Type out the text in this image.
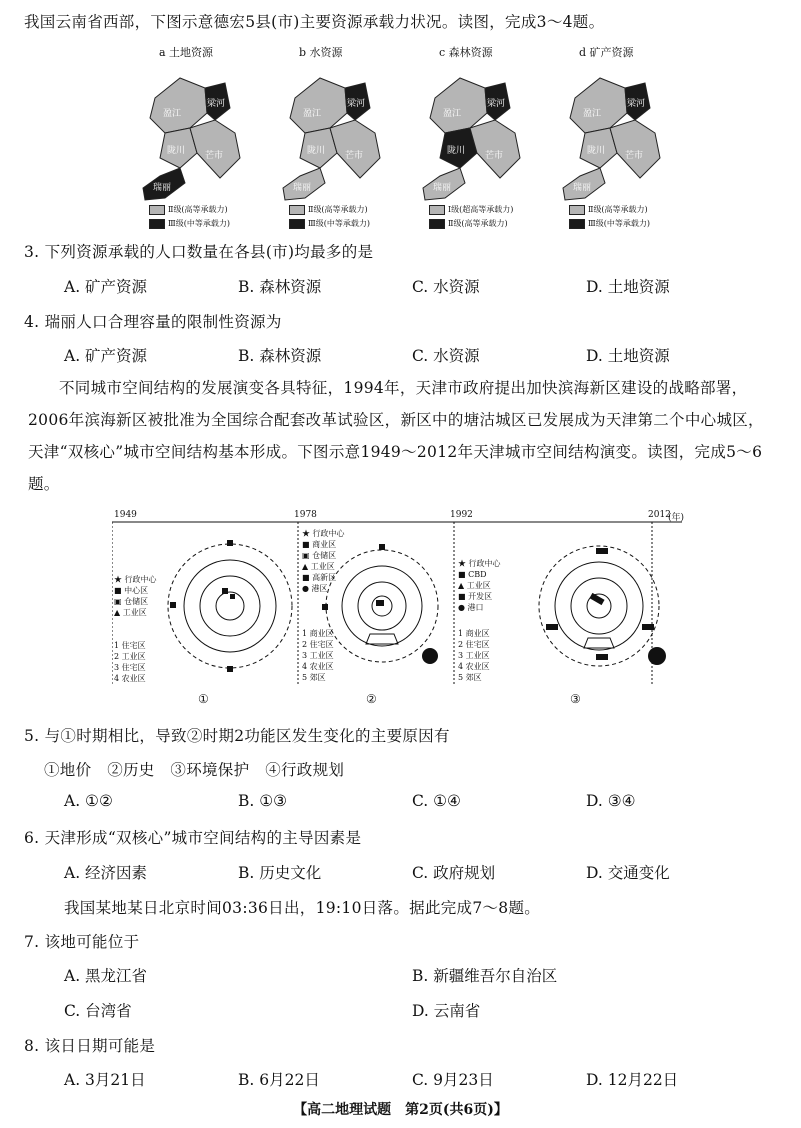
我国云南省西部，下图示意德宏5县(市)主要资源承载力状况。读图，完成3～4题。
a 土地资源
盈江
梁河
陇川 芒市
瑞丽
Ⅱ级(高等承载力)
Ⅲ级(中等承载力)
b 水资源
盈江
梁河
陇川 芒市
瑞丽
Ⅱ级(高等承载力)
Ⅲ级(中等承载力)
c 森林资源
盈江
梁河
陇川 芒市
瑞丽
Ⅰ级(超高等承载力)
Ⅱ级(高等承载力)
d 矿产资源
盈江
梁河
陇川 芒市
瑞丽
Ⅱ级(高等承载力)
Ⅲ级(中等承载力)
3. 下列资源承载的人口数量在各县(市)均最多的是
A. 矿产资源	B. 森林资源	C. 水资源	D. 土地资源
4. 瑞丽人口合理容量的限制性资源为
A. 矿产资源	B. 森林资源	C. 水资源	D. 土地资源
不同城市空间结构的发展演变各具特征，1994年，天津市政府提出加快滨海新区建设的战略部署，2006年滨海新区被批准为全国综合配套改革试验区，新区中的塘沽城区已发展成为天津第二个中心城区，天津“双核心”城市空间结构基本形成。下图示意1949～2012年天津城市空间结构演变。读图，完成5～6题。
1949	1978	1992	2012
(年)
★ 行政中心
■ 中心区
▣ 仓储区
▲ 工业区
1 住宅区
2 工业区
3 住宅区
4 农业区
★ 行政中心
■ 商业区
▣ 仓储区
▲ 工业区
■ 高新区
● 港区
1 商业区
2 住宅区
3 工业区
4 农业区
5 郊区
★ 行政中心
■ CBD
▲ 工业区
■ 开发区
● 港口
1 商业区
2 住宅区
3 工业区
4 农业区
5 郊区
①	②	③
5. 与①时期相比，导致②时期2功能区发生变化的主要原因有
①地价　②历史　③环境保护　④行政规划
A. ①②	B. ①③	C. ①④	D. ③④
6. 天津形成“双核心”城市空间结构的主导因素是
A. 经济因素	B. 历史文化	C. 政府规划	D. 交通变化
我国某地某日北京时间03:36日出，19:10日落。据此完成7～8题。
7. 该地可能位于
A. 黑龙江省	B. 新疆维吾尔自治区
C. 台湾省	D. 云南省
8. 该日日期可能是
A. 3月21日	B. 6月22日	C. 9月23日	D. 12月22日
【高二地理试题　第2页(共6页)】
